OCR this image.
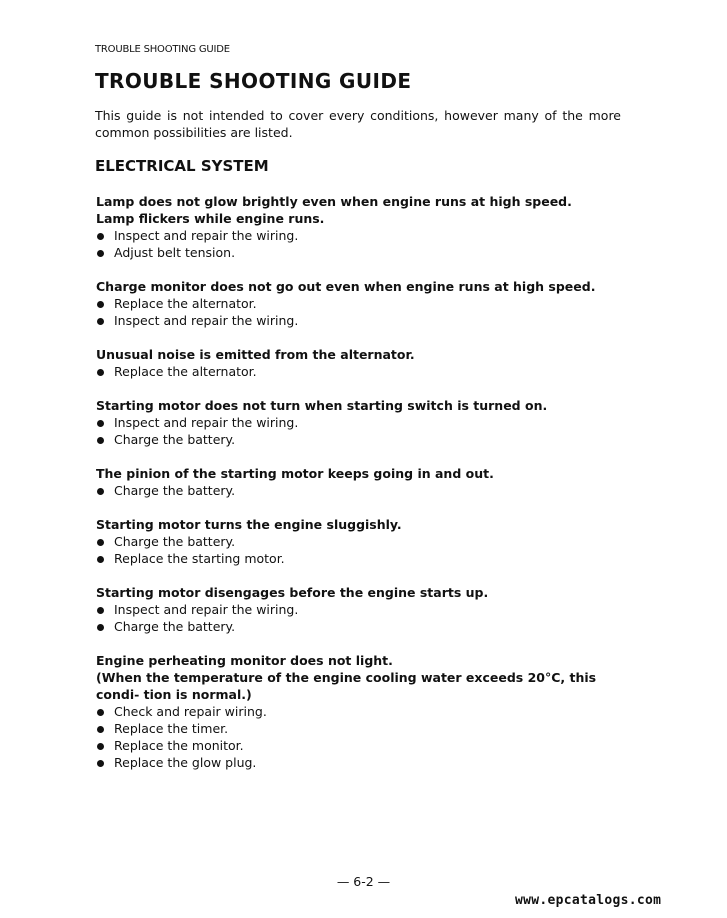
TROUBLE SHOOTING GUIDE
TROUBLE SHOOTING GUIDE

This guide is not intended to cover every conditions, however many of the more common possibilities are listed.

ELECTRICAL SYSTEM
Lamp does not glow brightly even when engine runs at high speed.
Lamp flickers while engine runs.
Inspect and repair the wiring.
Adjust belt tension.
Charge monitor does not go out even when engine runs at high speed.
Replace the alternator.
Inspect and repair the wiring.
Unusual noise is emitted from the alternator.
Replace the alternator.
Starting motor does not turn when starting switch is turned on.
Inspect and repair the wiring.
Charge the battery.
The pinion of the starting motor keeps going in and out.
Charge the battery.
Starting motor turns the engine sluggishly.
Charge the battery.
Replace the starting motor.
Starting motor disengages before the engine starts up.
Inspect and repair the wiring.
Charge the battery.
Engine perheating monitor does not light.
(When the temperature of the engine cooling water exceeds 20°C, this condi- tion is normal.)
Check and repair wiring.
Replace the timer.
Replace the monitor.
Replace the glow plug.
— 6-2 —
www.epcatalogs.com
